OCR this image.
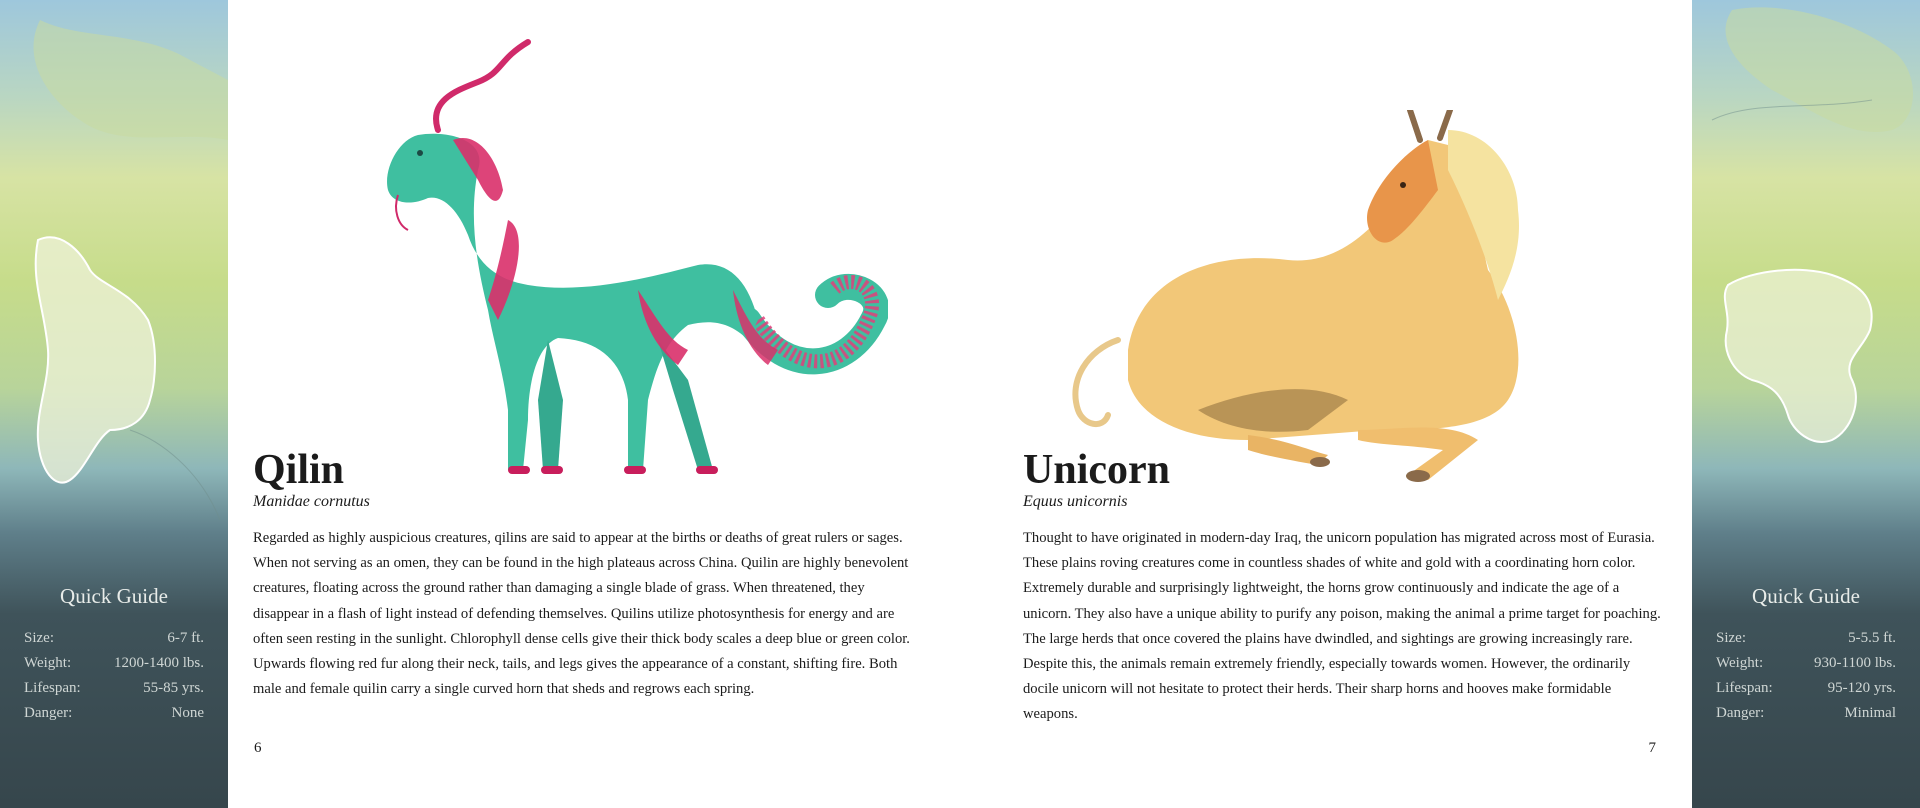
Quick Guide
Size:	6-7 ft.
Weight:	1200-1400 lbs.
Lifespan:	55-85 yrs.
Danger:	None
Qilin
Manidae cornutus

Regarded as highly auspicious creatures, qilins are said to appear at the births or deaths of great rulers or sages. When not serving as an omen, they can be found in the high plateaus across China. Quilin are highly benevolent creatures, floating across the ground rather than damaging a single blade of grass. When threatened, they disappear in a flash of light instead of defending themselves. Quilins utilize photosynthesis for energy and are often seen resting in the sunlight. Chlorophyll dense cells give their thick body scales a deep blue or green color. Upwards flowing red fur along their neck, tails, and legs gives the appearance of a constant, shifting fire. Both male and female quilin carry a single curved horn that sheds and regrows each spring.

6
Unicorn
Equus unicornis

Thought to have originated in modern-day Iraq, the unicorn population has migrated across most of Eurasia. These plains roving creatures come in countless shades of white and gold with a coordinating horn color. Extremely durable and surprisingly lightweight, the horns grow continuously and indicate the age of a unicorn. They also have a unique ability to purify any poison, making the animal a prime target for poaching. The large herds that once covered the plains have dwindled, and sightings are growing increasingly rare. Despite this, the animals remain extremely friendly, especially towards women. However, the ordinarily docile unicorn will not hesitate to protect their herds. Their sharp horns and hooves make formidable weapons.

7
Quick Guide
Size:	5-5.5 ft.
Weight:	930-1100 lbs.
Lifespan:	95-120 yrs.
Danger:	Minimal
